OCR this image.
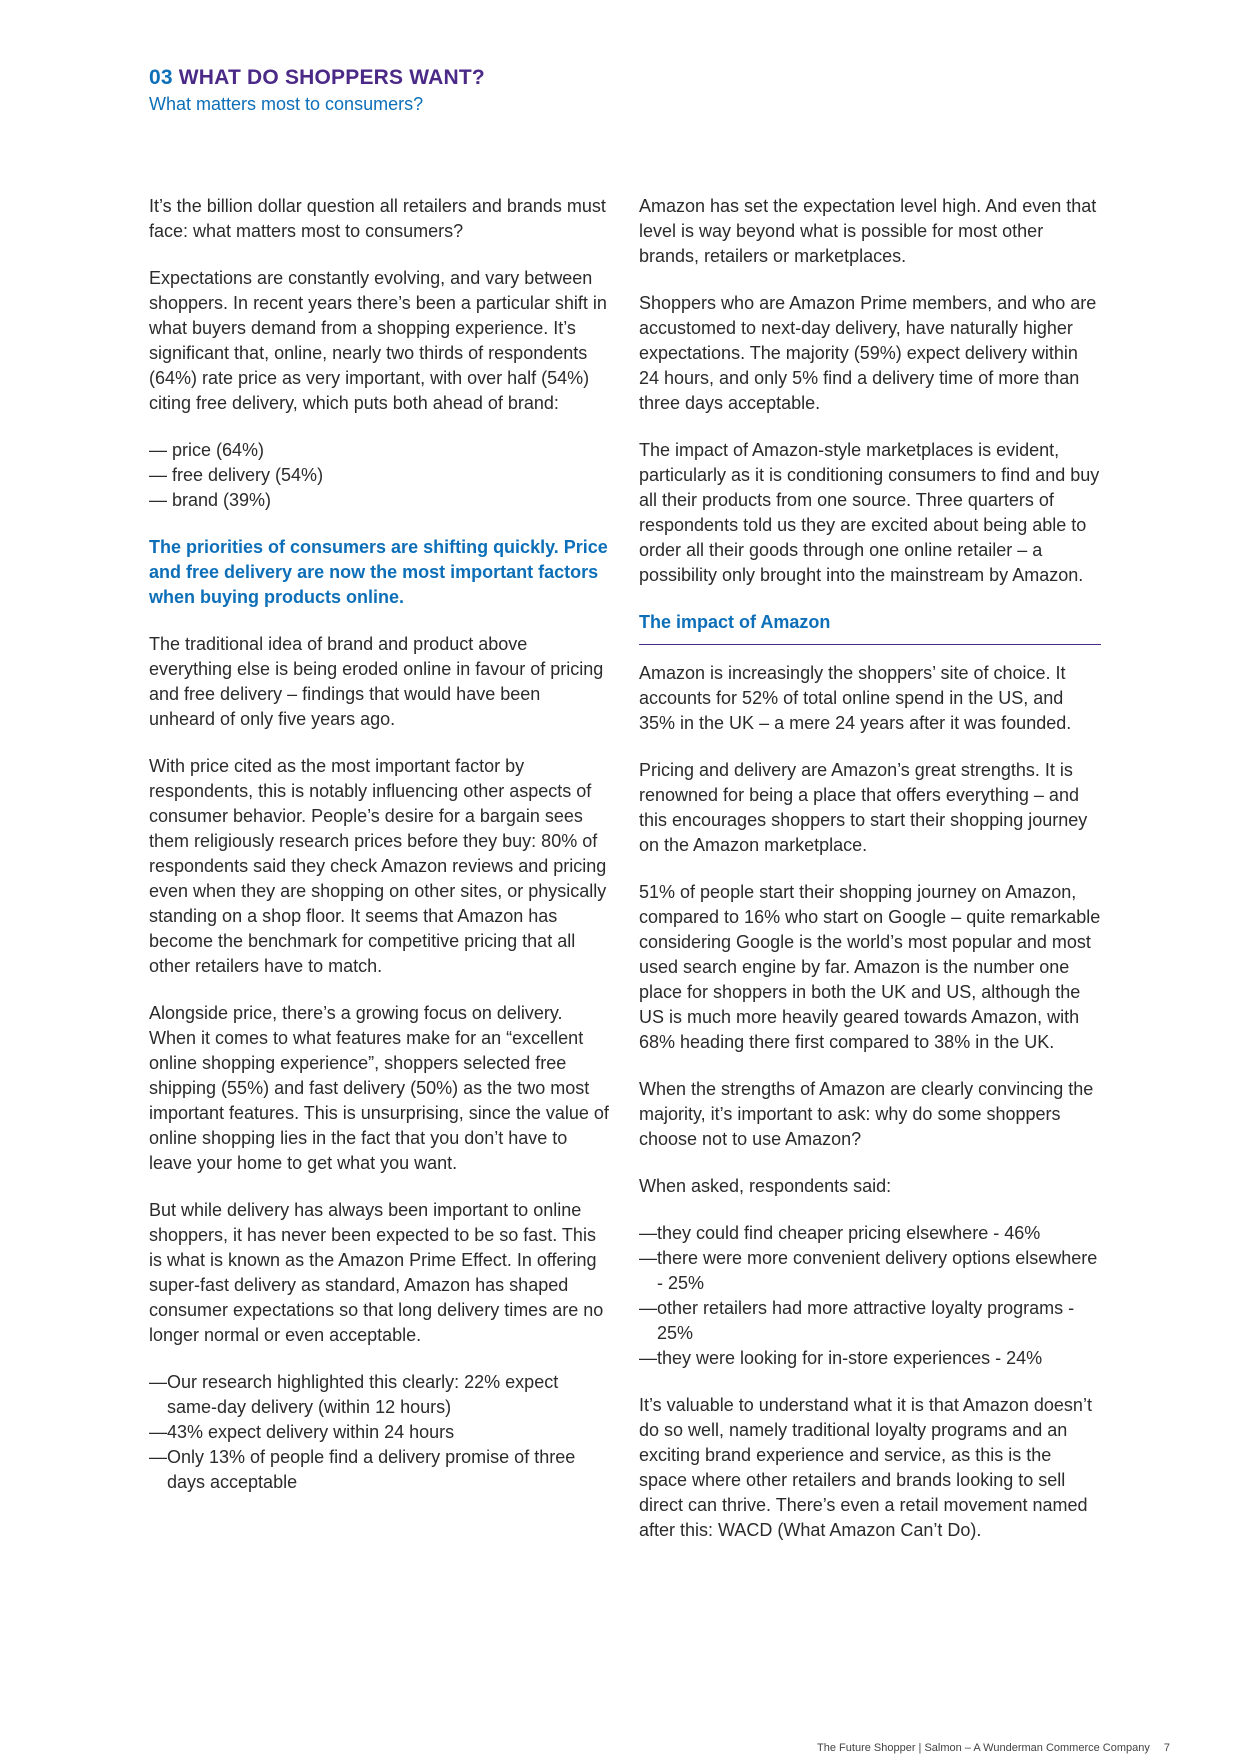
03 WHAT DO SHOPPERS WANT?
What matters most to consumers?

It’s the billion dollar question all retailers and brands must face: what matters most to consumers?

Expectations are constantly evolving, and vary between shoppers. In recent years there’s been a particular shift in what buyers demand from a shopping experience. It’s significant that, online, nearly two thirds of respondents (64%) rate price as very important, with over half (54%) citing free delivery, which puts both ahead of brand:

— price (64%)
— free delivery (54%)
— brand (39%)

The priorities of consumers are shifting quickly. Price and free delivery are now the most important factors when buying products online.

The traditional idea of brand and product above everything else is being eroded online in favour of pricing and free delivery – findings that would have been unheard of only five years ago.

With price cited as the most important factor by respondents, this is notably influencing other aspects of consumer behavior. People’s desire for a bargain sees them religiously research prices before they buy: 80% of respondents said they check Amazon reviews and pricing even when they are shopping on other sites, or physically standing on a shop floor. It seems that Amazon has become the benchmark for competitive pricing that all other retailers have to match.

Alongside price, there’s a growing focus on delivery. When it comes to what features make for an “excellent online shopping experience”, shoppers selected free shipping (55%) and fast delivery (50%) as the two most important features. This is unsurprising, since the value of online shopping lies in the fact that you don’t have to leave your home to get what you want.

But while delivery has always been important to online shoppers, it has never been expected to be so fast. This is what is known as the Amazon Prime Effect. In offering super-fast delivery as standard, Amazon has shaped consumer expectations so that long delivery times are no longer normal or even acceptable.

— Our research highlighted this clearly: 22% expect same-day delivery (within 12 hours)
— 43% expect delivery within 24 hours
— Only 13% of people find a delivery promise of three days acceptable

Amazon has set the expectation level high. And even that level is way beyond what is possible for most other brands, retailers or marketplaces.

Shoppers who are Amazon Prime members, and who are accustomed to next-day delivery, have naturally higher expectations. The majority (59%) expect delivery within 24 hours, and only 5% find a delivery time of more than three days acceptable.

The impact of Amazon-style marketplaces is evident, particularly as it is conditioning consumers to find and buy all their products from one source. Three quarters of respondents told us they are excited about being able to order all their goods through one online retailer – a possibility only brought into the mainstream by Amazon.

The impact of Amazon

Amazon is increasingly the shoppers’ site of choice. It accounts for 52% of total online spend in the US, and 35% in the UK – a mere 24 years after it was founded.

Pricing and delivery are Amazon’s great strengths. It is renowned for being a place that offers everything – and this encourages shoppers to start their shopping journey on the Amazon marketplace.

51% of people start their shopping journey on Amazon, compared to 16% who start on Google – quite remarkable considering Google is the world’s most popular and most used search engine by far. Amazon is the number one place for shoppers in both the UK and US, although the US is much more heavily geared towards Amazon, with 68% heading there first compared to 38% in the UK.

When the strengths of Amazon are clearly convincing the majority, it’s important to ask: why do some shoppers choose not to use Amazon?

When asked, respondents said:

— they could find cheaper pricing elsewhere - 46%
— there were more convenient delivery options elsewhere - 25%
— other retailers had more attractive loyalty programs - 25%
— they were looking for in-store experiences - 24%

It’s valuable to understand what it is that Amazon doesn’t do so well, namely traditional loyalty programs and an exciting brand experience and service, as this is the space where other retailers and brands looking to sell direct can thrive. There’s even a retail movement named after this: WACD (What Amazon Can’t Do).

The Future Shopper | Salmon – A Wunderman Commerce Company 7
